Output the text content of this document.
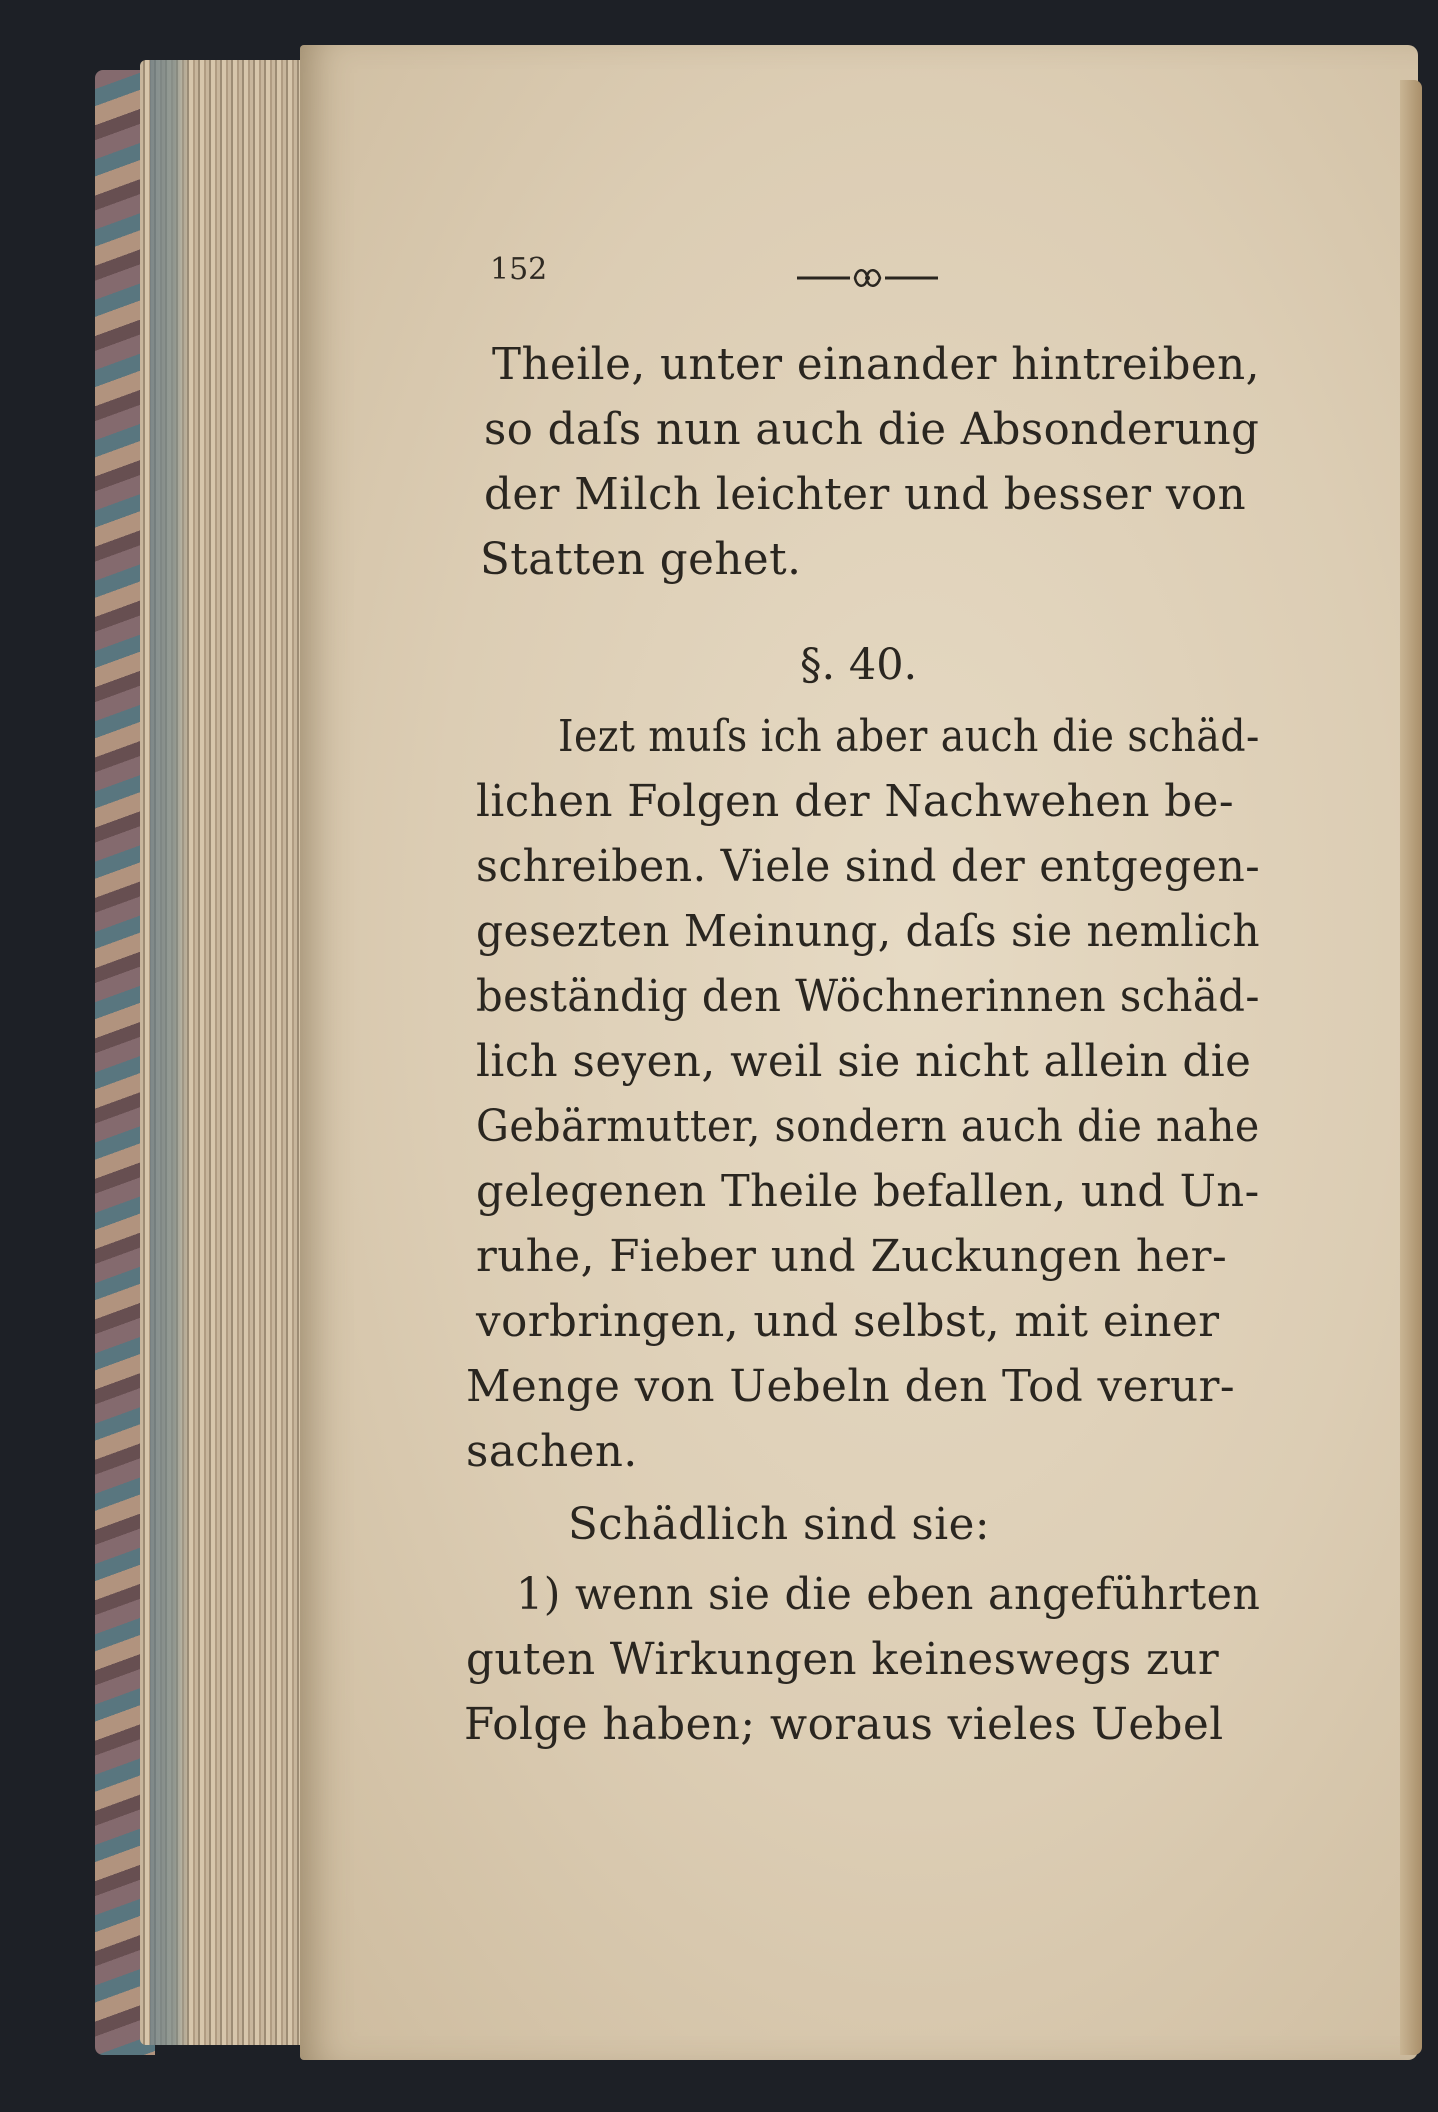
152
Theile, unter einander hintreiben,
so daſs nun auch die Absonderung
der Milch leichter und besser von
Statten gehet.
§. 40.
Iezt muſs ich aber auch die schäd-
lichen Folgen der Nachwehen be-
schreiben. Viele sind der entgegen-
gesezten Meinung, daſs sie nemlich
beständig den Wöchnerinnen schäd-
lich seyen, weil sie nicht allein die
Gebärmutter, sondern auch die nahe
gelegenen Theile befallen, und Un-
ruhe, Fieber und Zuckungen her-
vorbringen, und selbst, mit einer
Menge von Uebeln den Tod verur-
sachen.
Schädlich sind sie:
1) wenn sie die eben angeführten
guten Wirkungen keineswegs zur
Folge haben; woraus vieles Uebel
